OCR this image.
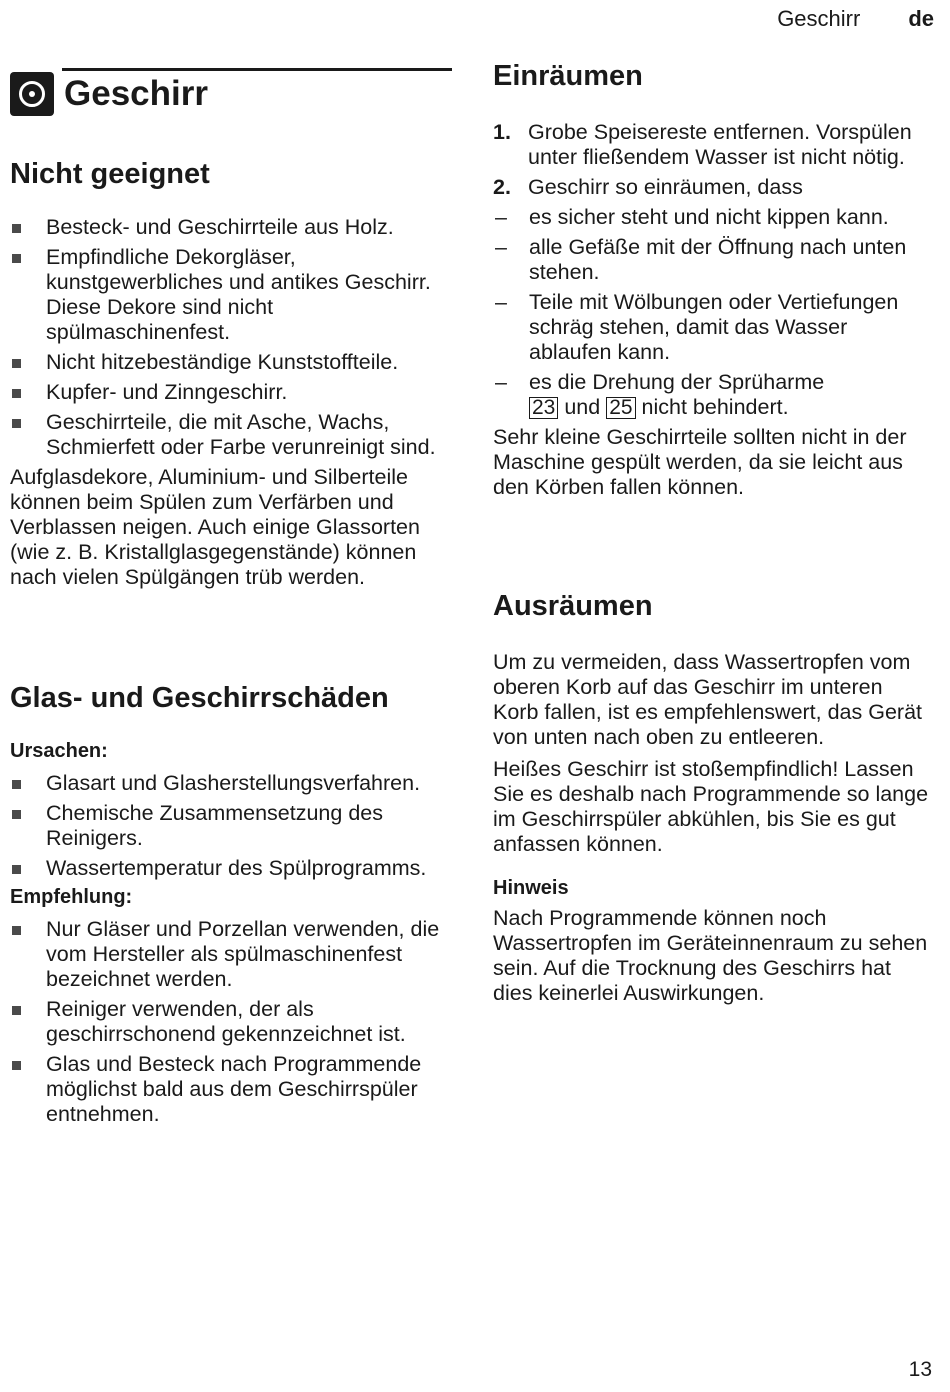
Geschirr de
Geschirr
Nicht geeignet
Besteck- und Geschirrteile aus Holz.
Empfindliche Dekorgläser, kunstgewerbliches und antikes Geschirr. Diese Dekore sind nicht spülmaschinenfest.
Nicht hitzebeständige Kunststoffteile.
Kupfer- und Zinngeschirr.
Geschirrteile, die mit Asche, Wachs, Schmierfett oder Farbe verunreinigt sind.

Aufglasdekore, Aluminium- und Silberteile können beim Spülen zum Verfärben und Verblassen neigen. Auch einige Glassorten (wie z. B. Kristallglasgegenstände) können nach vielen Spülgängen trüb werden.

Glas- und Geschirrschäden
Ursachen:
Glasart und Glasherstellungsverfahren.
Chemische Zusammensetzung des Reinigers.
Wassertemperatur des Spülprogramms.
Empfehlung:
Nur Gläser und Porzellan verwenden, die vom Hersteller als spülmaschinenfest bezeichnet werden.
Reiniger verwenden, der als geschirrschonend gekennzeichnet ist.
Glas und Besteck nach Programmende möglichst bald aus dem Geschirrspüler entnehmen.
Einräumen
1. Grobe Speisereste entfernen. Vorspülen unter fließendem Wasser ist nicht nötig.
2. Geschirr so einräumen, dass
– es sicher steht und nicht kippen kann.
– alle Gefäße mit der Öffnung nach unten stehen.
– Teile mit Wölbungen oder Vertiefungen schräg stehen, damit das Wasser ablaufen kann.
– es die Drehung der Sprüharme
23 und 25 nicht behindert.

Sehr kleine Geschirrteile sollten nicht in der Maschine gespült werden, da sie leicht aus den Körben fallen können.

Ausräumen

Um zu vermeiden, dass Wassertropfen vom oberen Korb auf das Geschirr im unteren Korb fallen, ist es empfehlenswert, das Gerät von unten nach oben zu entleeren.

Heißes Geschirr ist stoßempfindlich! Lassen Sie es deshalb nach Programmende so lange im Geschirrspüler abkühlen, bis Sie es gut anfassen können.

Hinweis

Nach Programmende können noch Wassertropfen im Geräteinnenraum zu sehen sein. Auf die Trocknung des Geschirrs hat dies keinerlei Auswirkungen.

13
